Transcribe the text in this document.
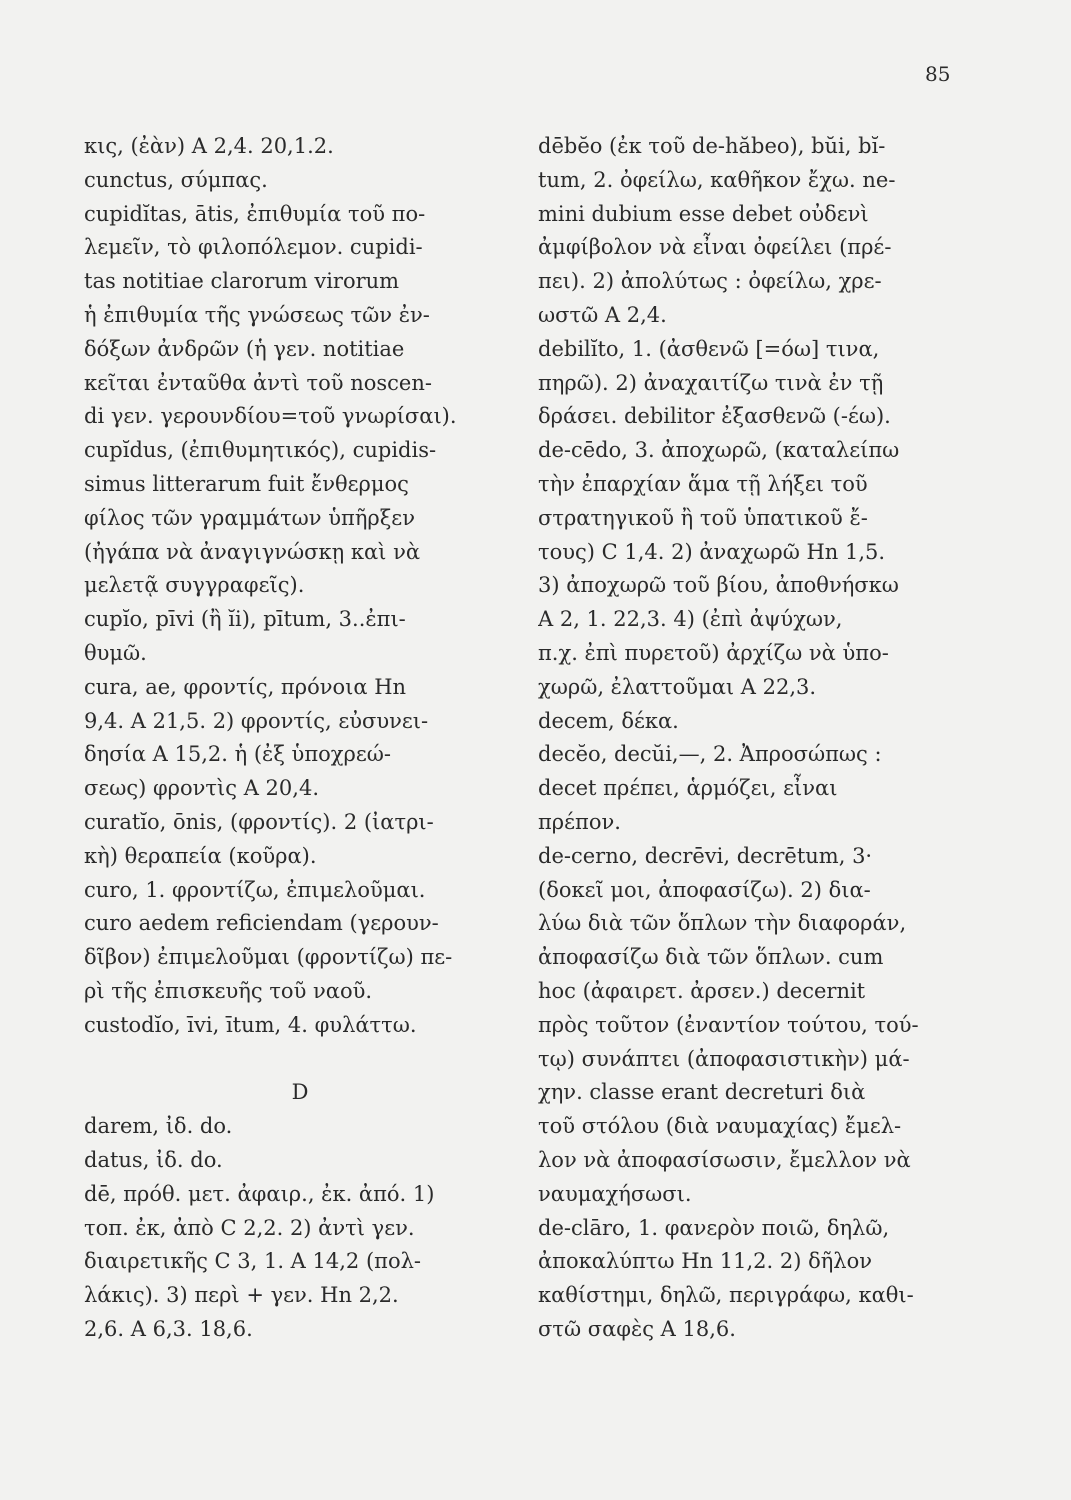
85
κις, (ἐὰν) A 2,4. 20,1.2.
cunctus, σύμπας.
cupidĭtas, ātis, ἐπιθυμία τοῦ πο-
λεμεῖν, τὸ φιλοπόλεμον. cupidi-
tas notitiae clarorum virorum
ἡ ἐπιθυμία τῆς γνώσεως τῶν ἐν-
δόξων ἀνδρῶν (ἡ γεν. notitiae
κεῖται ἐνταῦθα ἀντὶ τοῦ noscen-
di γεν. γερουνδίου=τοῦ γνωρίσαι).
cupĭdus, (ἐπιθυμητικός), cupidis-
simus litterarum fuit ἔνθερμος
φίλος τῶν γραμμάτων ὑπῆρξεν
(ἠγάπα νὰ ἀναγιγνώσκῃ καὶ νὰ
μελετᾷ συγγραφεῖς).
cupĭo, pīvi (ἢ ĭi), pītum, 3..ἐπι-
θυμῶ.
cura, ae, φροντίς, πρόνοια Hn
9,4. A 21,5. 2) φροντίς, εὐσυνει-
δησία A 15,2. ἡ (ἐξ ὑποχρεώ-
σεως) φροντὶς A 20,4.
curatĭo, ōnis, (φροντίς). 2 (ἰατρι-
κὴ) θεραπεία (κοῦρα).
curo, 1. φροντίζω, ἐπιμελοῦμαι.
curo aedem reficiendam (γερουν-
δῖβον) ἐπιμελοῦμαι (φροντίζω) πε-
ρὶ τῆς ἐπισκευῆς τοῦ ναοῦ.
custodĭo, īvi, ītum, 4. φυλάττω.
D
darem, ἰδ. do.
datus, ἰδ. do.
dē, πρόθ. μετ. ἀφαιρ., ἐκ. ἀπό. 1)
τοπ. ἐκ, ἀπὸ C 2,2. 2) ἀντὶ γεν.
διαιρετικῆς C 3, 1. A 14,2 (πολ-
λάκις). 3) περὶ + γεν. Hn 2,2.
2,6. A 6,3. 18,6.
dēbĕo (ἐκ τοῦ de-hăbeo), bŭi, bĭ-
tum, 2. ὀφείλω, καθῆκον ἔχω. ne-
mini dubium esse debet οὐδενὶ
ἀμφίβολον νὰ εἶναι ὀφείλει (πρέ-
πει). 2) ἀπολύτως : ὀφείλω, χρε-
ωστῶ A 2,4.
debilĭto, 1. (ἀσθενῶ [=όω] τινα,
πηρῶ). 2) ἀναχαιτίζω τινὰ ἐν τῇ
δράσει. debilitor ἐξασθενῶ (-έω).
de-cēdo, 3. ἀποχωρῶ, (καταλείπω
τὴν ἐπαρχίαν ἅμα τῇ λήξει τοῦ
στρατηγικοῦ ἢ τοῦ ὑπατικοῦ ἔ-
τους) C 1,4. 2) ἀναχωρῶ Hn 1,5.
3) ἀποχωρῶ τοῦ βίου, ἀποθνήσκω
A 2, 1. 22,3. 4) (ἐπὶ ἀψύχων,
π.χ. ἐπὶ πυρετοῦ) ἀρχίζω νὰ ὑπο-
χωρῶ, ἐλαττοῦμαι A 22,3.
decem, δέκα.
decĕo, decŭi,—, 2. Ἀπροσώπως :
decet πρέπει, ἁρμόζει, εἶναι
πρέπον.
de-cerno, decrēvi, decrētum, 3·
(δοκεῖ μοι, ἀποφασίζω). 2) δια-
λύω διὰ τῶν ὅπλων τὴν διαφοράν,
ἀποφασίζω διὰ τῶν ὅπλων. cum
hoc (ἀφαιρετ. ἀρσεν.) decernit
πρὸς τοῦτον (ἐναντίον τούτου, τού-
τῳ) συνάπτει (ἀποφασιστικὴν) μά-
χην. classe erant decreturi διὰ
τοῦ στόλου (διὰ ναυμαχίας) ἔμελ-
λον νὰ ἀποφασίσωσιν, ἔμελλον νὰ
ναυμαχήσωσι.
de-clāro, 1. φανερὸν ποιῶ, δηλῶ,
ἀποκαλύπτω Hn 11,2. 2) δῆλον
καθίστημι, δηλῶ, περιγράφω, καθι-
στῶ σαφὲς A 18,6.
